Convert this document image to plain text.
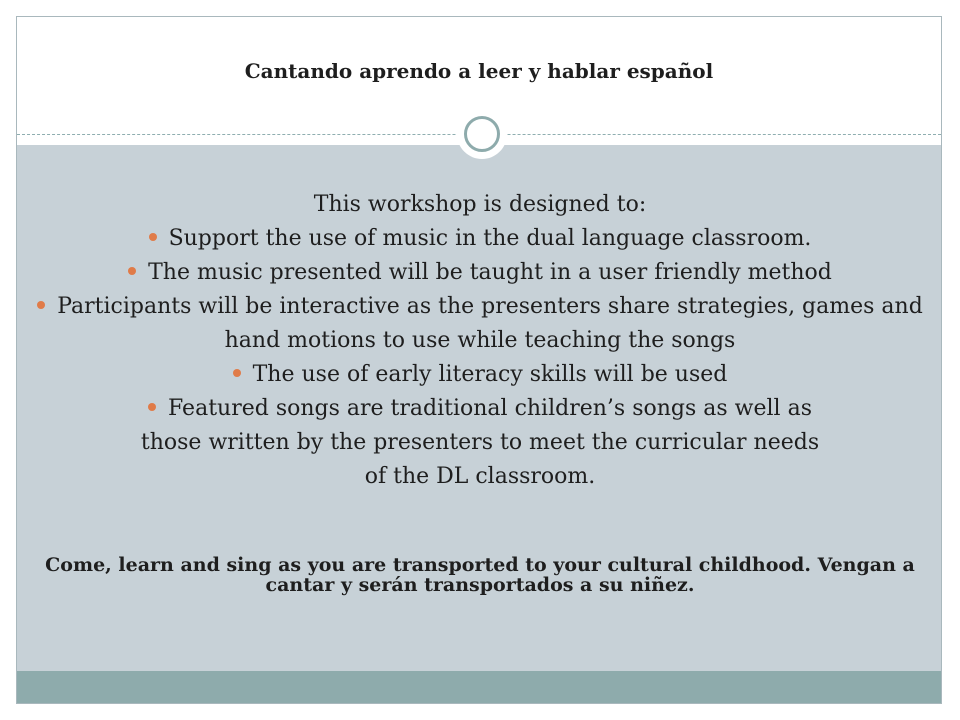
Cantando aprendo a leer y hablar español
This workshop is designed to:
Support the use of music in the dual language classroom.
The music presented will be taught in a user friendly method
Participants will be interactive as the presenters share strategies, games and hand motions to use while teaching the songs
The use of early literacy skills will be used
Featured songs are traditional children’s songs as well as those written by the presenters to meet the curricular needs of the DL classroom.
Come, learn and sing as you are transported to your cultural childhood. Vengan a cantar y serán transportados a su niñez.
